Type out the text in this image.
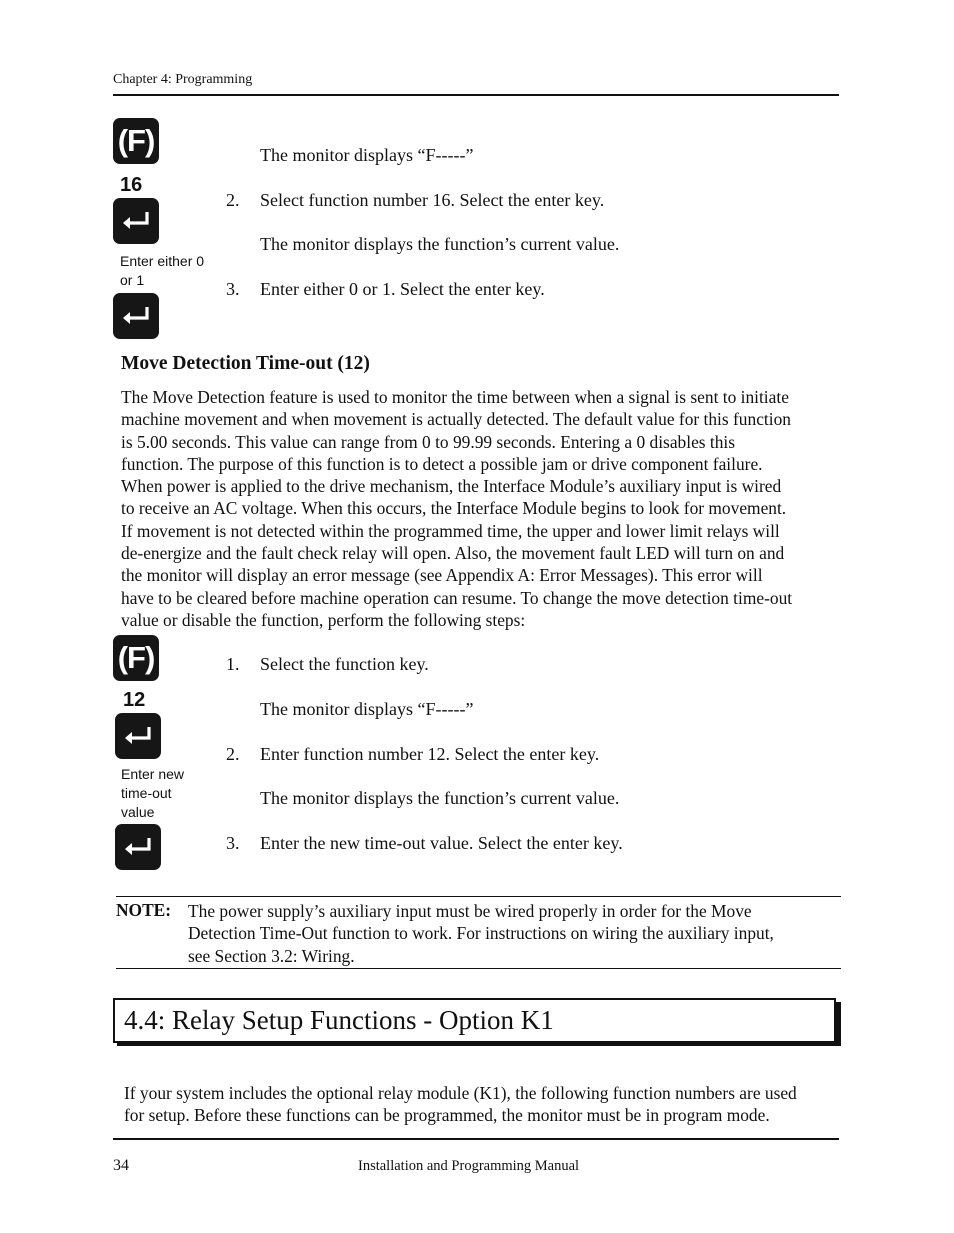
Chapter 4: Programming
(F)
16
Enter either 0
or 1
The monitor displays “F-----”
2. Select function number 16. Select the enter key.
The monitor displays the function’s current value.
3. Enter either 0 or 1. Select the enter key.
Move Detection Time-out (12)
The Move Detection feature is used to monitor the time between when a signal is sent to initiate
machine movement and when movement is actually detected. The default value for this function
is 5.00 seconds. This value can range from 0 to 99.99 seconds. Entering a 0 disables this
function. The purpose of this function is to detect a possible jam or drive component failure.
When power is applied to the drive mechanism, the Interface Module’s auxiliary input is wired
to receive an AC voltage. When this occurs, the Interface Module begins to look for movement.
If movement is not detected within the programmed time, the upper and lower limit relays will
de-energize and the fault check relay will open. Also, the movement fault LED will turn on and
the monitor will display an error message (see Appendix A: Error Messages). This error will
have to be cleared before machine operation can resume. To change the move detection time-out
value or disable the function, perform the following steps:
(F)
12
Enter new
time-out
value
1. Select the function key.
The monitor displays “F-----”
2. Enter function number 12. Select the enter key.
The monitor displays the function’s current value.
3. Enter the new time-out value. Select the enter key.
NOTE: The power supply’s auxiliary input must be wired properly in order for the Move
Detection Time-Out function to work. For instructions on wiring the auxiliary input,
see Section 3.2: Wiring.
4.4: Relay Setup Functions - Option K1
If your system includes the optional relay module (K1), the following function numbers are used
for setup. Before these functions can be programmed, the monitor must be in program mode.
34	Installation and Programming Manual
